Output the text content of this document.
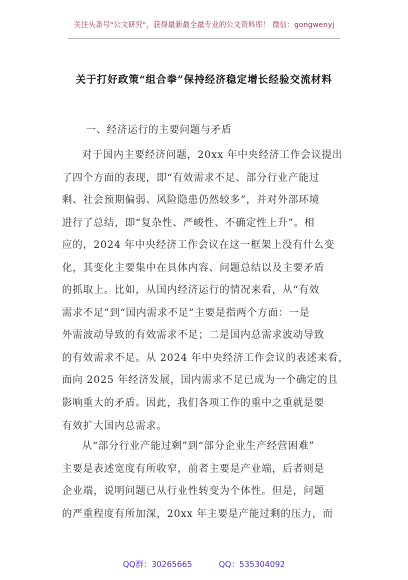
关注头条号"公文研究"，获得最新最全最专业的公文资料库！ 微信：gongwenyj
关于打好政策“组合拳”保持经济稳定增长经验交流材料
一、经济运行的主要问题与矛盾
对于国内主要经济问题，20xx 年中央经济工作会议提出
了四个方面的表现，即“有效需求不足、部分行业产能过
剩、社会预期偏弱、风险隐患仍然较多”，并对外部环境
进行了总结，即“复杂性、严峻性、不确定性上升”。相
应的，2024 年中央经济工作会议在这一框架上没有什么变
化，其变化主要集中在具体内容、问题总结以及主要矛盾
的抓取上。比如，从国内经济运行的情况来看，从“有效
需求不足”到“国内需求不足”主要是指两个方面：一是
外需波动导致的有效需求不足；二是国内总需求波动导致
的有效需求不足。从 2024 年中央经济工作会议的表述来看，
面向 2025 年经济发展，国内需求不足已成为一个确定的且
影响重大的矛盾。因此，我们各项工作的重中之重就是要
有效扩大国内总需求。
从“部分行业产能过剩”到“部分企业生产经营困难”
主要是表述宽度有所收窄，前者主要是产业端，后者则是
企业端，说明问题已从行业性转变为个体性。但是，问题
的严重程度有所加深，20xx 年主要是产能过剩的压力，而
QQ群：30265665	QQ：535304092
